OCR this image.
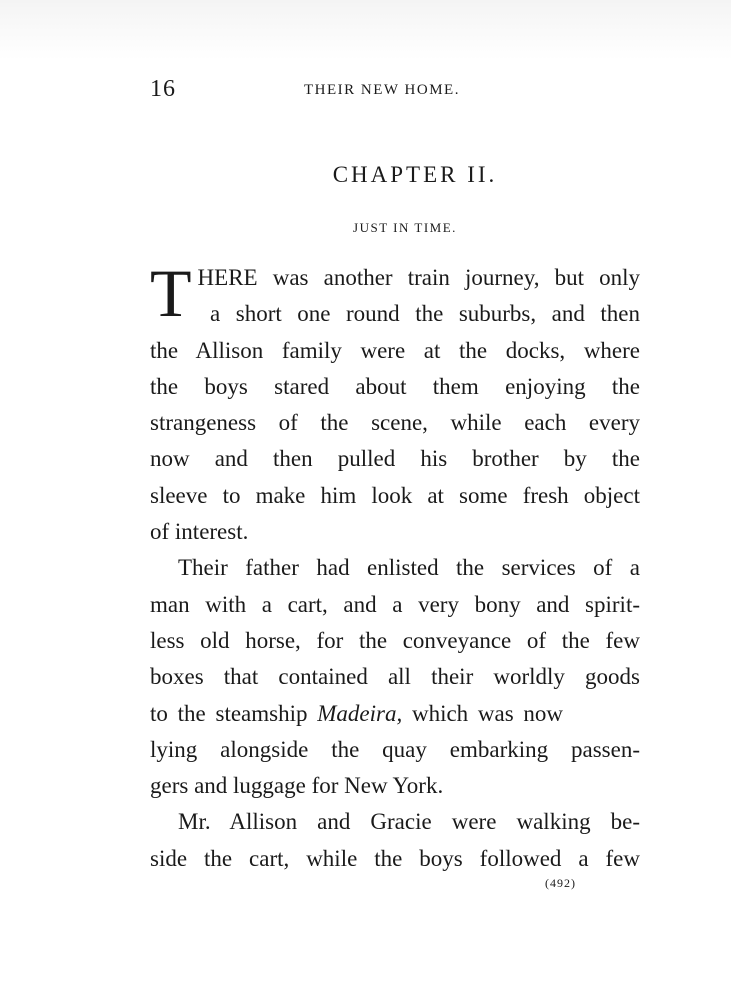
16	THEIR NEW HOME.
CHAPTER II.
JUST IN TIME.
T HERE was another train journey, but only
a short one round the suburbs, and then
the Allison family were at the docks, where
the boys stared about them enjoying the
strangeness of the scene, while each every
now and then pulled his brother by the
sleeve to make him look at some fresh object
of interest.
Their father had enlisted the services of a
man with a cart, and a very bony and spirit-
less old horse, for the conveyance of the few
boxes that contained all their worldly goods
to the steamship Madeira, which was now
lying alongside the quay embarking passen-
gers and luggage for New York.
Mr. Allison and Gracie were walking be-
side the cart, while the boys followed a few
(492)
